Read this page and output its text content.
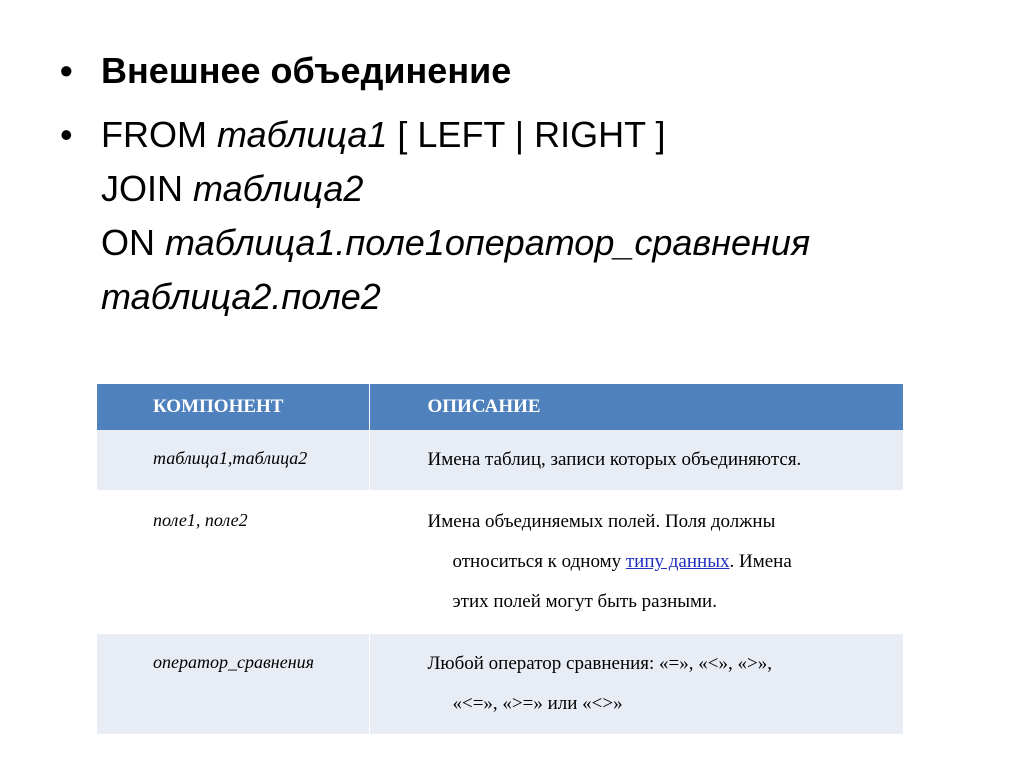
• Внешнее объединение
• FROM таблица1 [ LEFT | RIGHT ]
JOIN таблица2
ON таблица1.поле1оператор_сравнения
таблица2.поле2
КОМПОНЕНТ	ОПИСАНИЕ
таблица1,таблица2	Имена таблиц, записи которых объединяются.
поле1, поле2	Имена объединяемых полей. Поля должны
относиться к одному типу данных. Имена
этих полей могут быть разными.

оператор_сравнения	Любой оператор сравнения: «=», «<», «>»,
«<=», «>=» или «<>»
